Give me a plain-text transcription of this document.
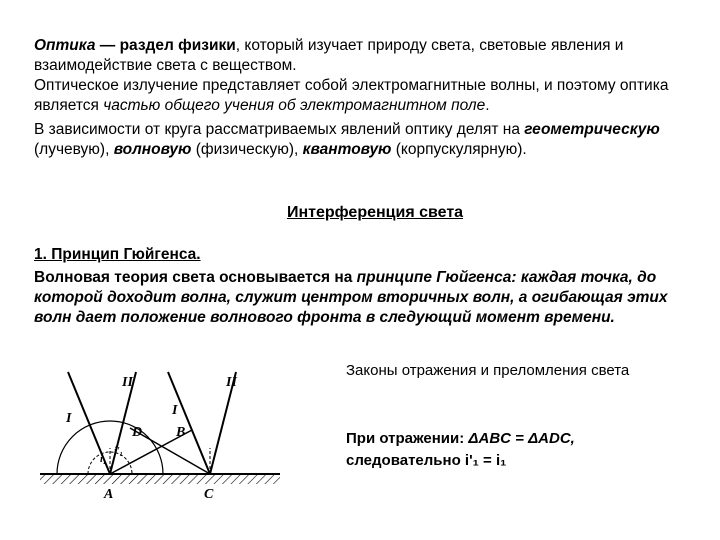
Оптика — раздел физики, который изучает природу света, световые явления и взаимодействие света с веществом.
Оптическое излучение представляет собой электромагнитные волны, и поэтому оптика является частью общего учения об электромагнитном поле.
В зависимости от круга рассматриваемых явлений оптику делят на геометрическую (лучевую), волновую (физическую), квантовую (корпускулярную).
Интерференция света
1. Принцип Гюйгенса.
Волновая теория света основывается на принципе Гюйгенса: каждая точка, до которой доходит волна, служит центром вторичных волн, а огибающая этих волн дает положение волнового фронта в следующий момент времени.
Законы отражения и преломления света
При отражении: ΔABC = ΔADC,
следовательно i'₁ = i₁
I
II
I
II
D B
A	C
i₁
i'₁
